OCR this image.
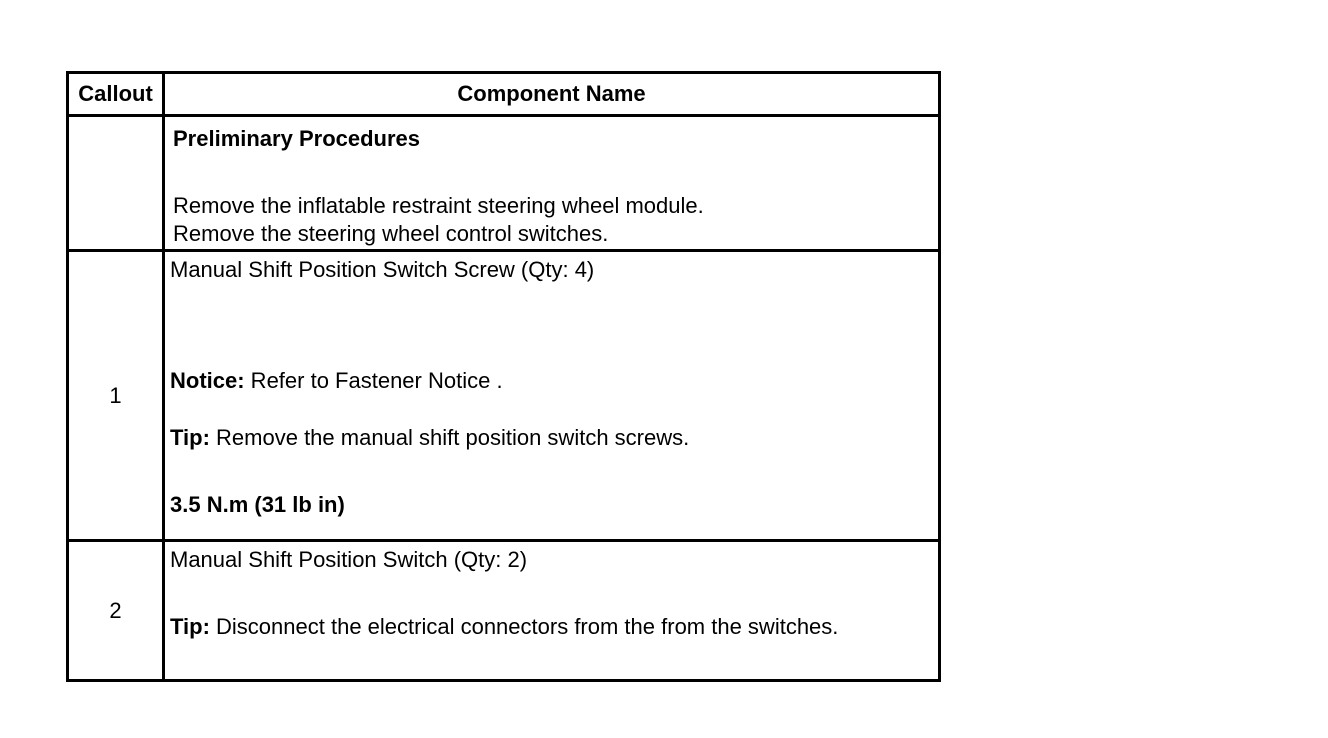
Callout	Component Name

	Preliminary Procedures

Remove the inflatable restraint steering wheel module.

Remove the steering wheel control switches.

1	Manual Shift Position Switch Screw (Qty: 4)

Notice: Refer to Fastener Notice .

Tip: Remove the manual shift position switch screws.

3.5 N.m (31 lb in)

2	Manual Shift Position Switch (Qty: 2)

Tip: Disconnect the electrical connectors from the from the switches.
